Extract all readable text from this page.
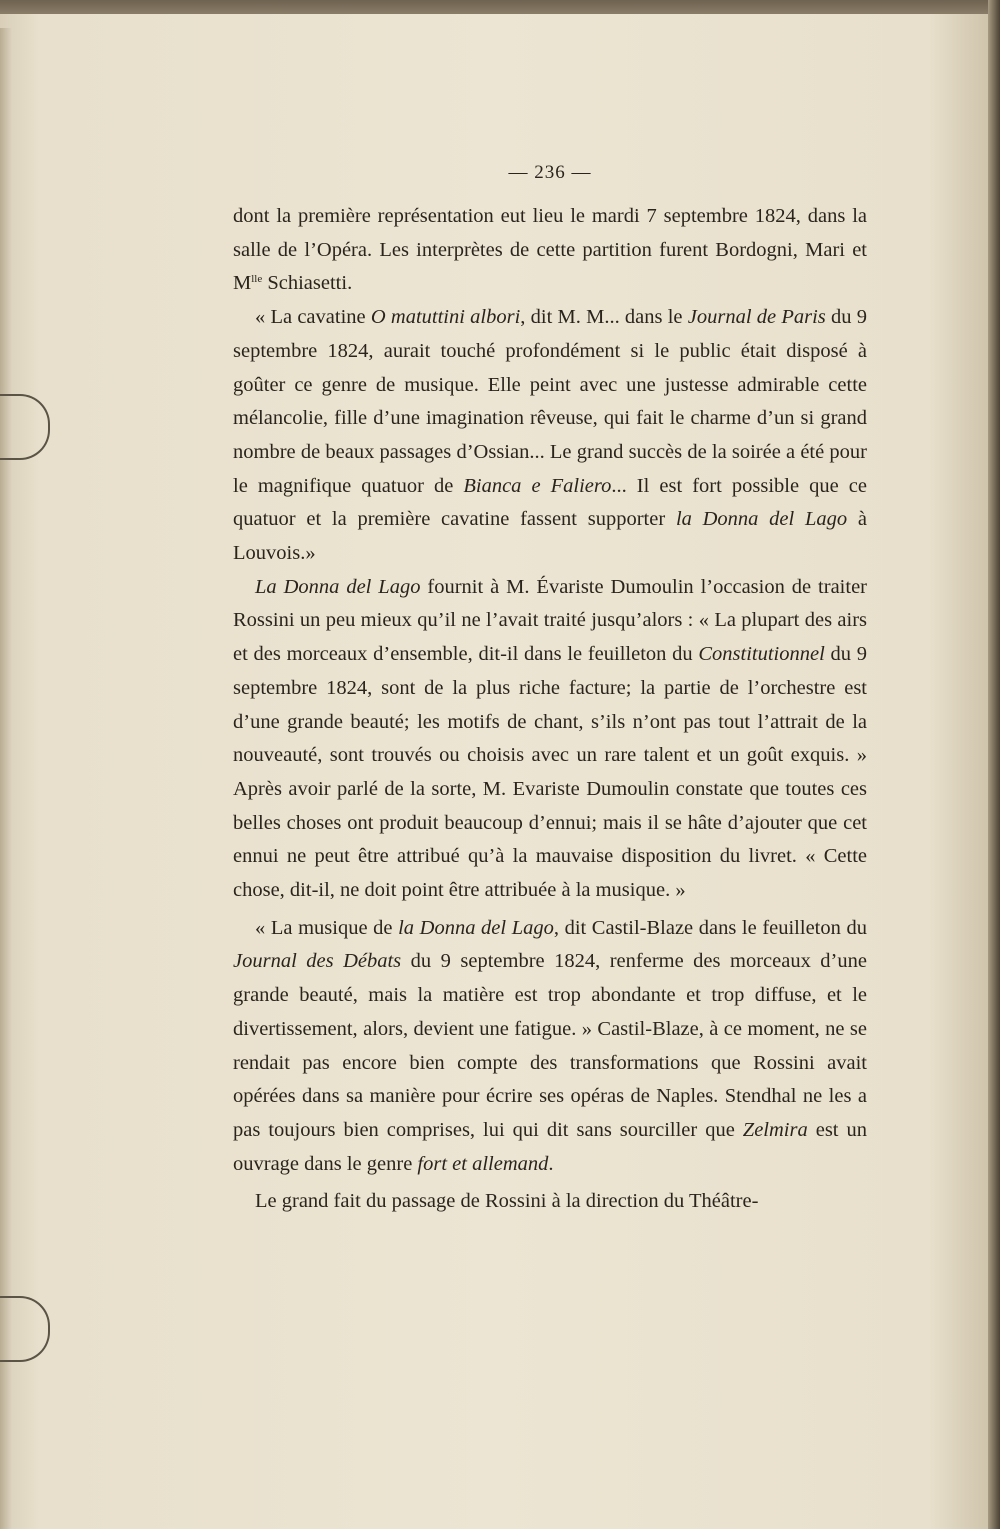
— 236 —

dont la première représentation eut lieu le mardi 7 septembre 1824, dans la salle de l’Opéra. Les interprètes de cette partition furent Bordogni, Mari et $M^{lle}$ Schiasetti.

« La cavatine O matuttini albori, dit M. M... dans le Journal de Paris du 9 septembre 1824, aurait touché profondément si le public était disposé à goûter ce genre de musique. Elle peint avec une justesse admirable cette mélancolie, fille d’une imagination rêveuse, qui fait le charme d’un si grand nombre de beaux passages d’Ossian... Le grand succès de la soirée a été pour le magnifique quatuor de Bianca e Faliero... Il est fort possible que ce quatuor et la première cavatine fassent supporter la Donna del Lago à Louvois.»

La Donna del Lago fournit à M. Évariste Dumoulin l’occasion de traiter Rossini un peu mieux qu’il ne l’avait traité jusqu’alors : « La plupart des airs et des morceaux d’ensemble, dit-il dans le feuilleton du Constitutionnel du 9 septembre 1824, sont de la plus riche facture; la partie de l’orchestre est d’une grande beauté; les motifs de chant, s’ils n’ont pas tout l’attrait de la nouveauté, sont trouvés ou choisis avec un rare talent et un goût exquis. » Après avoir parlé de la sorte, M. Evariste Dumoulin constate que toutes ces belles choses ont produit beaucoup d’ennui; mais il se hâte d’ajouter que cet ennui ne peut être attribué qu’à la mauvaise disposition du livret. « Cette chose, dit-il, ne doit point être attribuée à la musique. »

« La musique de la Donna del Lago, dit Castil-Blaze dans le feuilleton du Journal des Débats du 9 septembre 1824, renferme des morceaux d’une grande beauté, mais la matière est trop abondante et trop diffuse, et le divertissement, alors, devient une fatigue. » Castil-Blaze, à ce moment, ne se rendait pas encore bien compte des transformations que Rossini avait opérées dans sa manière pour écrire ses opéras de Naples. Stendhal ne les a pas toujours bien comprises, lui qui dit sans sourciller que Zelmira est un ouvrage dans le genre fort et allemand.

Le grand fait du passage de Rossini à la direction du Théâtre-
